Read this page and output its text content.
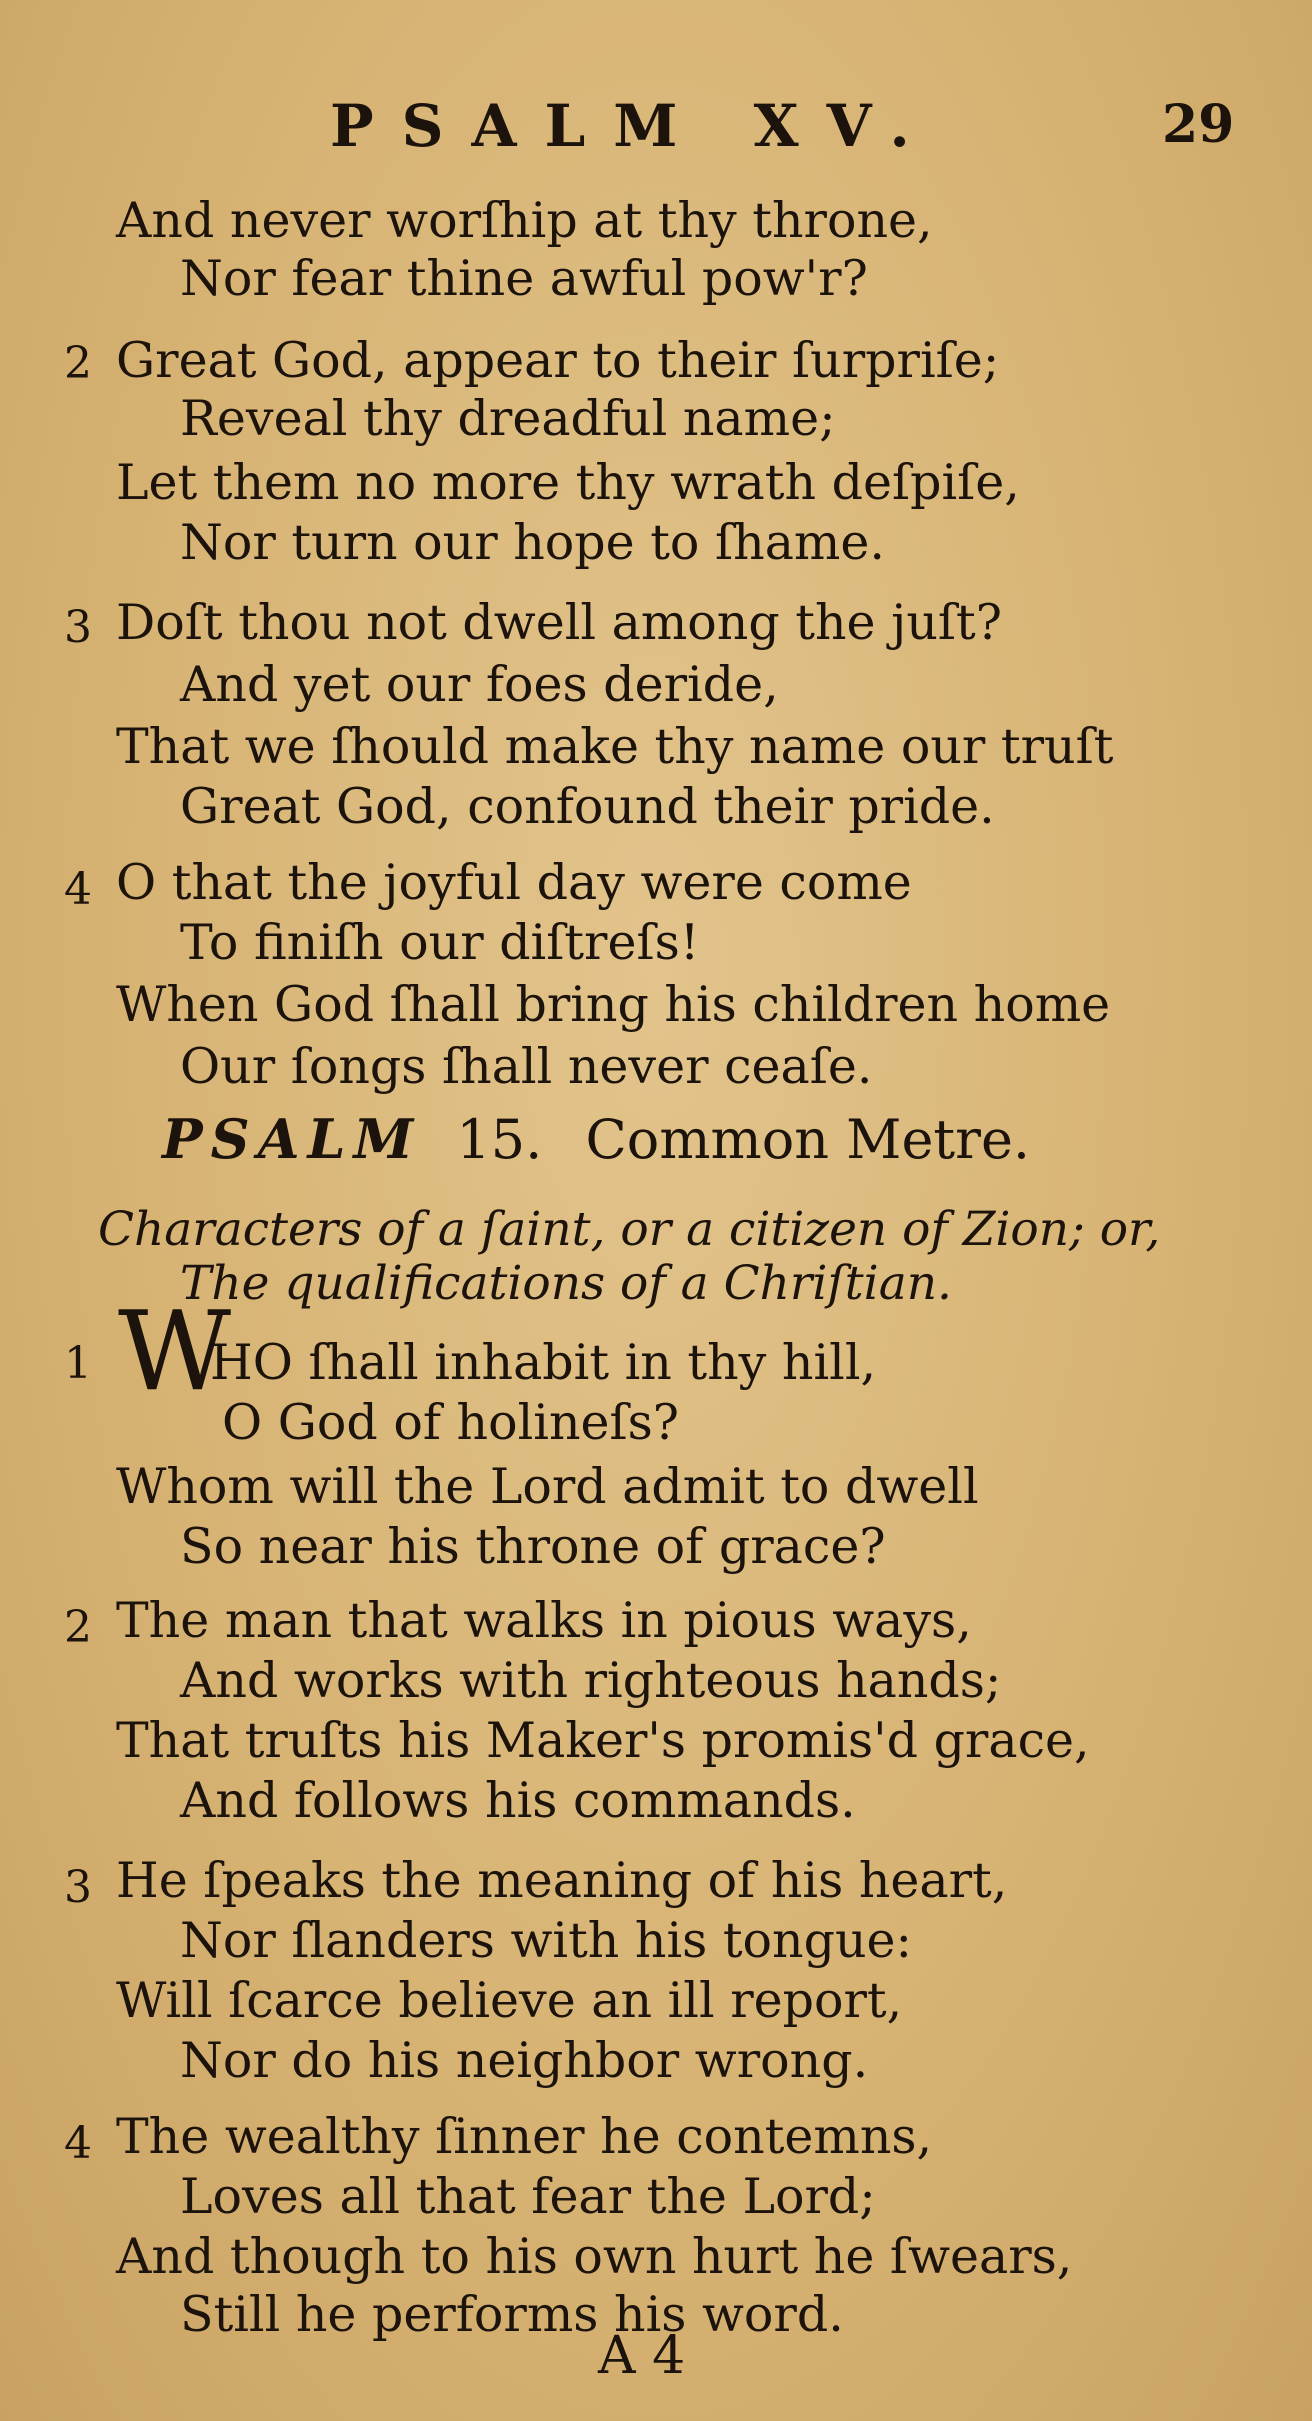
PSALM XV.	29
And never worſhip at thy throne,
Nor fear thine awful pow'r?
2 Great God, appear to their ſurpriſe;
Reveal thy dreadful name;
Let them no more thy wrath deſpiſe,
Nor turn our hope to ſhame.
3 Doſt thou not dwell among the juſt?
And yet our foes deride,
That we ſhould make thy name our truſt
Great God, confound their pride.
4 O that the joyful day were come
To finiſh our diſtreſs!
When God ſhall bring his children home
Our ſongs ſhall never ceaſe.
PSALM 15. Common Metre.
Characters of a ſaint, or a citizen of Zion; or,
The qualifications of a Chriſtian.
1 W
HO ſhall inhabit in thy hill,
O God of holineſs?
Whom will the Lord admit to dwell
So near his throne of grace?
2 The man that walks in pious ways,
And works with righteous hands;
That truſts his Maker's promis'd grace,
And follows his commands.
3 He ſpeaks the meaning of his heart,
Nor ſlanders with his tongue:
Will ſcarce believe an ill report,
Nor do his neighbor wrong.
4 The wealthy ſinner he contemns,
Loves all that fear the Lord;
And though to his own hurt he ſwears,
Still he performs his word.
A 4
